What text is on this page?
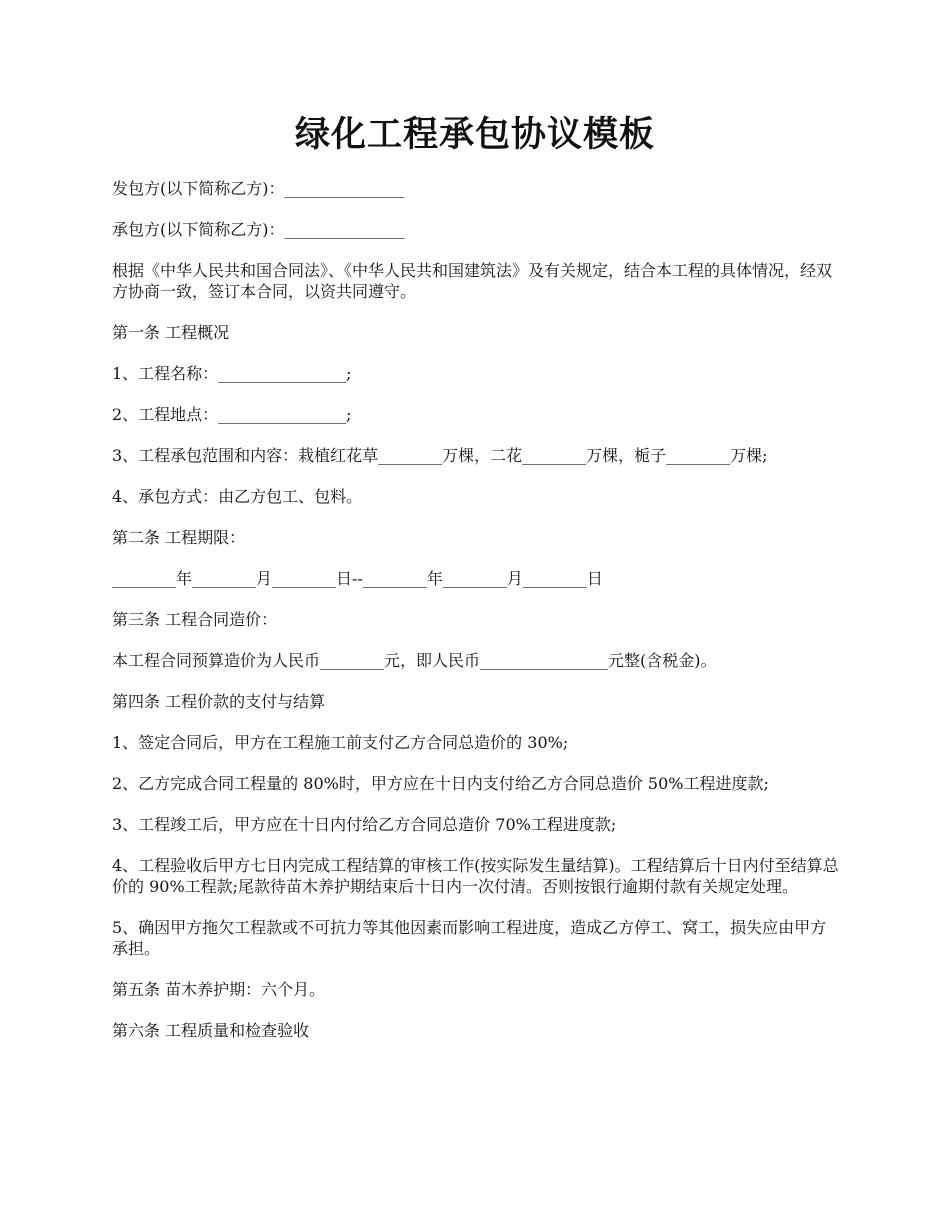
绿化工程承包协议模板

发包方(以下简称乙方)：_______________

承包方(以下简称乙方)：_______________

根据《中华人民共和国合同法》、《中华人民共和国建筑法》及有关规定，结合本工程的具体情况，经双方协商一致，签订本合同，以资共同遵守。

第一条 工程概况

1、工程名称：________________;

2、工程地点：________________;

3、工程承包范围和内容：栽植红花草________万棵，二花________万棵，栀子________万棵;

4、承包方式：由乙方包工、包料。

第二条 工程期限：

________年________月________日--________年________月________日

第三条 工程合同造价：

本工程合同预算造价为人民币________元，即人民币________________元整(含税金)。

第四条 工程价款的支付与结算

1、签定合同后，甲方在工程施工前支付乙方合同总造价的 30%;

2、乙方完成合同工程量的 80%时，甲方应在十日内支付给乙方合同总造价 50%工程进度款;

3、工程竣工后，甲方应在十日内付给乙方合同总造价 70%工程进度款;

4、工程验收后甲方七日内完成工程结算的审核工作(按实际发生量结算)。工程结算后十日内付至结算总价的 90%工程款;尾款待苗木养护期结束后十日内一次付清。否则按银行逾期付款有关规定处理。

5、确因甲方拖欠工程款或不可抗力等其他因素而影响工程进度，造成乙方停工、窝工，损失应由甲方承担。

第五条 苗木养护期：六个月。

第六条 工程质量和检查验收
